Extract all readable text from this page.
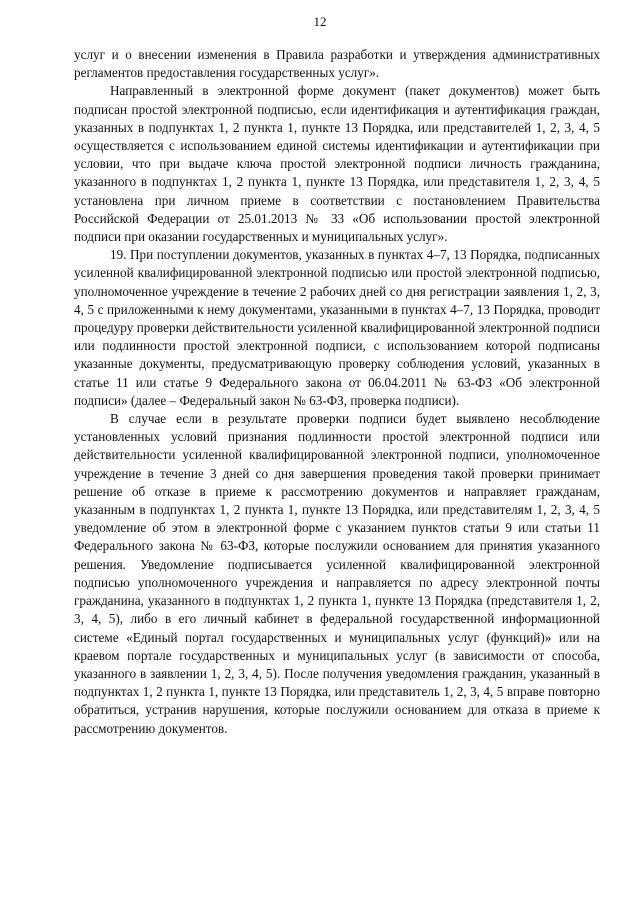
12

услуг и о внесении изменения в Правила разработки и утверждения административных регламентов предоставления государственных услуг».

Направленный в электронной форме документ (пакет документов) может быть подписан простой электронной подписью, если идентификация и аутентификация граждан, указанных в подпунктах 1, 2 пункта 1, пункте 13 Порядка, или представителей 1, 2, 3, 4, 5 осуществляется с использованием единой системы идентификации и аутентификации при условии, что при выдаче ключа простой электронной подписи личность гражданина, указанного в подпунктах 1, 2 пункта 1, пункте 13 Порядка, или представителя 1, 2, 3, 4, 5 установлена при личном приеме в соответствии с постановлением Правительства Российской Федерации от 25.01.2013 № 33 «Об использовании простой электронной подписи при оказании государственных и муниципальных услуг».

19. При поступлении документов, указанных в пунктах 4–7, 13 Порядка, подписанных усиленной квалифицированной электронной подписью или простой электронной подписью, уполномоченное учреждение в течение 2 рабочих дней со дня регистрации заявления 1, 2, 3, 4, 5 с приложенными к нему документами, указанными в пунктах 4–7, 13 Порядка, проводит процедуру проверки действительности усиленной квалифицированной электронной подписи или подлинности простой электронной подписи, с использованием которой подписаны указанные документы, предусматривающую проверку соблюдения условий, указанных в статье 11 или статье 9 Федерального закона от 06.04.2011 № 63-ФЗ «Об электронной подписи» (далее – Федеральный закон № 63-ФЗ, проверка подписи).

В случае если в результате проверки подписи будет выявлено несоблюдение установленных условий признания подлинности простой электронной подписи или действительности усиленной квалифицированной электронной подписи, уполномоченное учреждение в течение 3 дней со дня завершения проведения такой проверки принимает решение об отказе в приеме к рассмотрению документов и направляет гражданам, указанным в подпунктах 1, 2 пункта 1, пункте 13 Порядка, или представителям 1, 2, 3, 4, 5 уведомление об этом в электронной форме с указанием пунктов статьи 9 или статьи 11 Федерального закона № 63-ФЗ, которые послужили основанием для принятия указанного решения. Уведомление подписывается усиленной квалифицированной электронной подписью уполномоченного учреждения и направляется по адресу электронной почты гражданина, указанного в подпунктах 1, 2 пункта 1, пункте 13 Порядка (представителя 1, 2, 3, 4, 5), либо в его личный кабинет в федеральной государственной информационной системе «Единый портал государственных и муниципальных услуг (функций)» или на краевом портале государственных и муниципальных услуг (в зависимости от способа, указанного в заявлении 1, 2, 3, 4, 5). После получения уведомления гражданин, указанный в подпунктах 1, 2 пункта 1, пункте 13 Порядка, или представитель 1, 2, 3, 4, 5 вправе повторно обратиться, устранив нарушения, которые послужили основанием для отказа в приеме к рассмотрению документов.
